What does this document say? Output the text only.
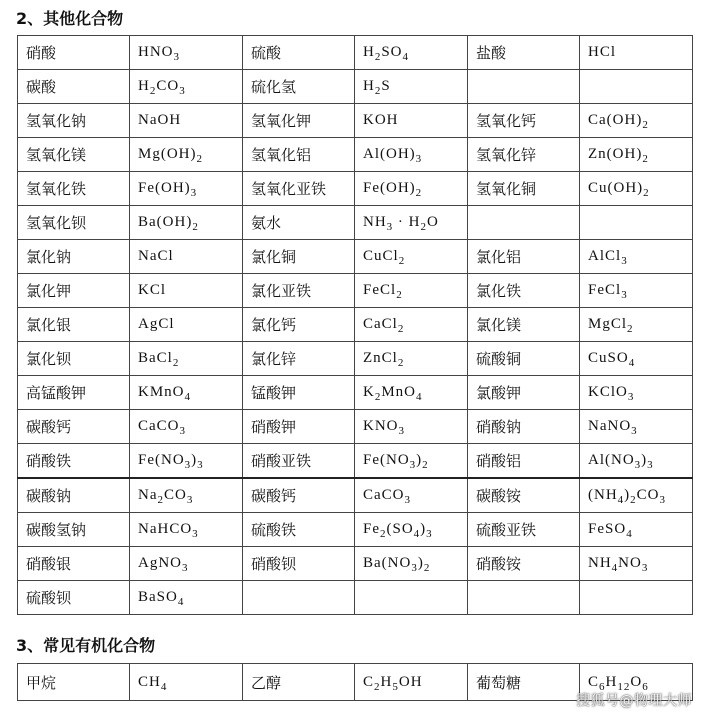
2、其他化合物
硝酸	$HNO_3$	硫酸	$H_2SO_4$	盐酸	HCl
碳酸	$H_2CO_3$	硫化氢	$H_2S$		
氢氧化钠	NaOH	氢氧化钾	KOH	氢氧化钙	$Ca(OH)_2$
氢氧化镁	$Mg(OH)_2$	氢氧化铝	$Al(OH)_3$	氢氧化锌	$Zn(OH)_2$
氢氧化铁	$Fe(OH)_3$	氢氧化亚铁	$Fe(OH)_2$	氢氧化铜	$Cu(OH)_2$
氢氧化钡	$Ba(OH)_2$	氨水	$NH_3 \cdot H_2O$		
氯化钠	NaCl	氯化铜	CuCl$_2$	氯化铝	AlCl$_3$
氯化钾	KCl	氯化亚铁	FeCl$_2$	氯化铁	FeCl$_3$
氯化银	AgCl	氯化钙	CaCl$_2$	氯化镁	MgCl$_2$
氯化钡	BaCl$_2$	氯化锌	ZnCl$_2$	硫酸铜	CuSO$_4$
高锰酸钾	KMnO$_4$	锰酸钾	$K_2MnO_4$	氯酸钾	KClO$_3$
碳酸钙	CaCO$_3$	硝酸钾	$KNO_3$	硝酸钠	NaNO$_3$
硝酸铁	$Fe(NO_3)_3$	硝酸亚铁	$Fe(NO_3)_2$	硝酸铝	$Al(NO_3)_3$
碳酸钠	$Na_2CO_3$	碳酸钙	CaCO$_3$	碳酸铵	$(NH_4)_2CO_3$
碳酸氢钠	NaHCO$_3$	硫酸铁	$Fe_2(SO_4)_3$	硫酸亚铁	FeSO$_4$
硝酸银	AgNO$_3$	硝酸钡	$Ba(NO_3)_2$	硝酸铵	$NH_4NO_3$
硫酸钡	BaSO$_4$				
3、常见有机化合物
甲烷	$CH_4$	乙醇	$C_2H_5OH$	葡萄糖	$C_6H_{12}O_6$
搜狐号@物理大师
